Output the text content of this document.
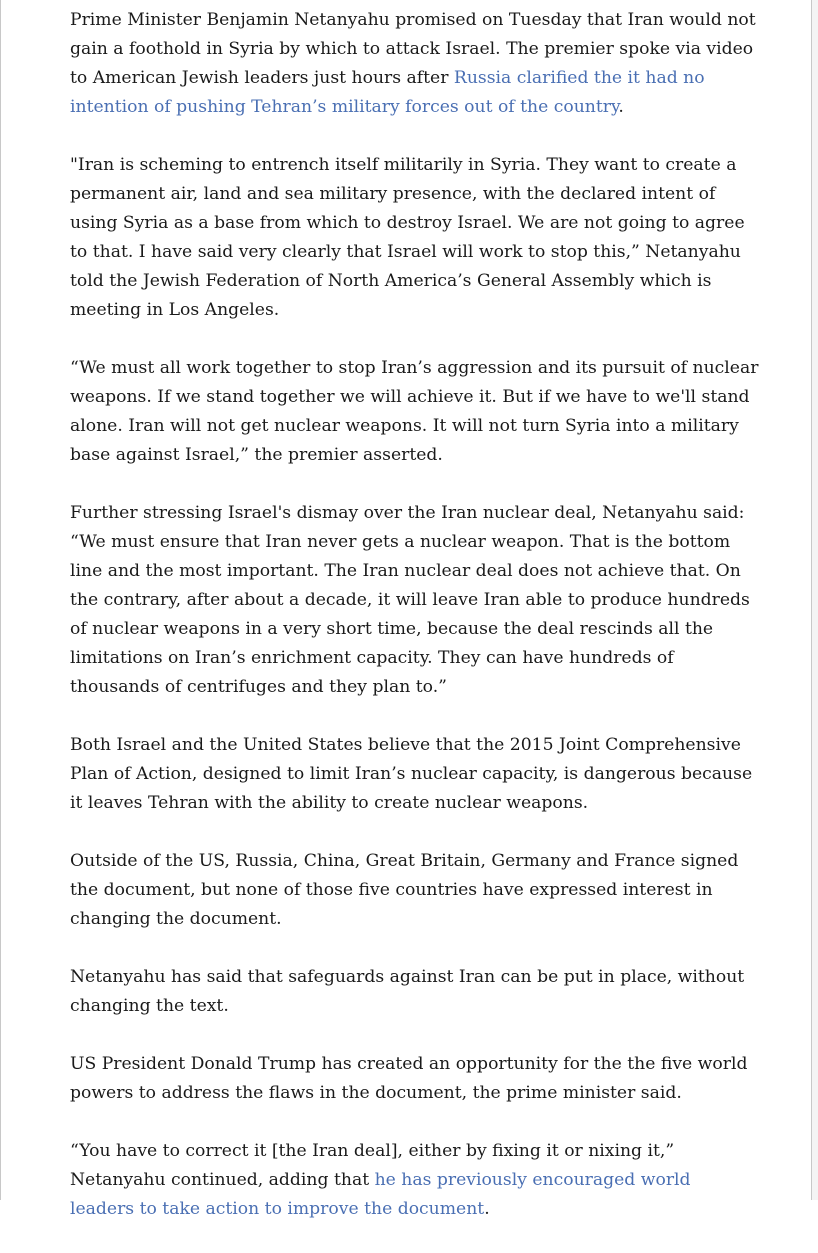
Prime Minister Benjamin Netanyahu promised on Tuesday that Iran would not gain a foothold in Syria by which to attack Israel. The premier spoke via video to American Jewish leaders just hours after Russia clarified the it had no intention of pushing Tehran’s military forces out of the country.

"Iran is scheming to entrench itself militarily in Syria. They want to create a permanent air, land and sea military presence, with the declared intent of using Syria as a base from which to destroy Israel. We are not going to agree to that. I have said very clearly that Israel will work to stop this,” Netanyahu told the Jewish Federation of North America’s General Assembly which is meeting in Los Angeles.

“We must all work together to stop Iran’s aggression and its pursuit of nuclear weapons. If we stand together we will achieve it. But if we have to we'll stand alone. Iran will not get nuclear weapons. It will not turn Syria into a military base against Israel,” the premier asserted.

Further stressing Israel's dismay over the Iran nuclear deal, Netanyahu said: “We must ensure that Iran never gets a nuclear weapon. That is the bottom line and the most important. The Iran nuclear deal does not achieve that. On the contrary, after about a decade, it will leave Iran able to produce hundreds of nuclear weapons in a very short time, because the deal rescinds all the limitations on Iran’s enrichment capacity. They can have hundreds of thousands of centrifuges and they plan to.”

Both Israel and the United States believe that the 2015 Joint Comprehensive Plan of Action, designed to limit Iran’s nuclear capacity, is dangerous because it leaves Tehran with the ability to create nuclear weapons.

Outside of the US, Russia, China, Great Britain, Germany and France signed the document, but none of those five countries have expressed interest in changing the document.

Netanyahu has said that safeguards against Iran can be put in place, without changing the text.

US President Donald Trump has created an opportunity for the the five world powers to address the flaws in the document, the prime minister said.

“You have to correct it [the Iran deal], either by fixing it or nixing it,” Netanyahu continued, adding that he has previously encouraged world leaders to take action to improve the document.
